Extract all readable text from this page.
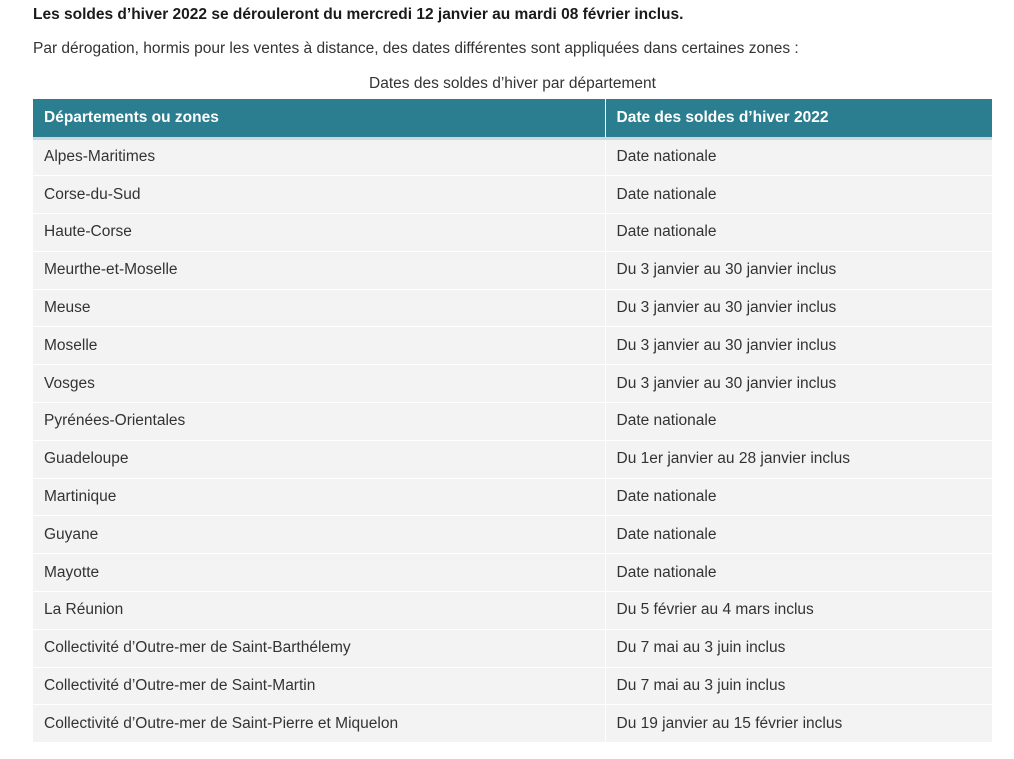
Les soldes d’hiver 2022 se dérouleront du mercredi 12 janvier au mardi 08 février inclus.
Par dérogation, hormis pour les ventes à distance, des dates différentes sont appliquées dans certaines zones :
Dates des soldes d’hiver par département
Départements ou zones	Date des soldes d’hiver 2022
Alpes-Maritimes	Date nationale
Corse-du-Sud	Date nationale
Haute-Corse	Date nationale
Meurthe-et-Moselle	Du 3 janvier au 30 janvier inclus
Meuse	Du 3 janvier au 30 janvier inclus
Moselle	Du 3 janvier au 30 janvier inclus
Vosges	Du 3 janvier au 30 janvier inclus
Pyrénées-Orientales	Date nationale
Guadeloupe	Du 1er janvier au 28 janvier inclus
Martinique	Date nationale
Guyane	Date nationale
Mayotte	Date nationale
La Réunion	Du 5 février au 4 mars inclus
Collectivité d’Outre-mer de Saint-Barthélemy	Du 7 mai au 3 juin inclus
Collectivité d’Outre-mer de Saint-Martin	Du 7 mai au 3 juin inclus
Collectivité d’Outre-mer de Saint-Pierre et Miquelon	Du 19 janvier au 15 février inclus
